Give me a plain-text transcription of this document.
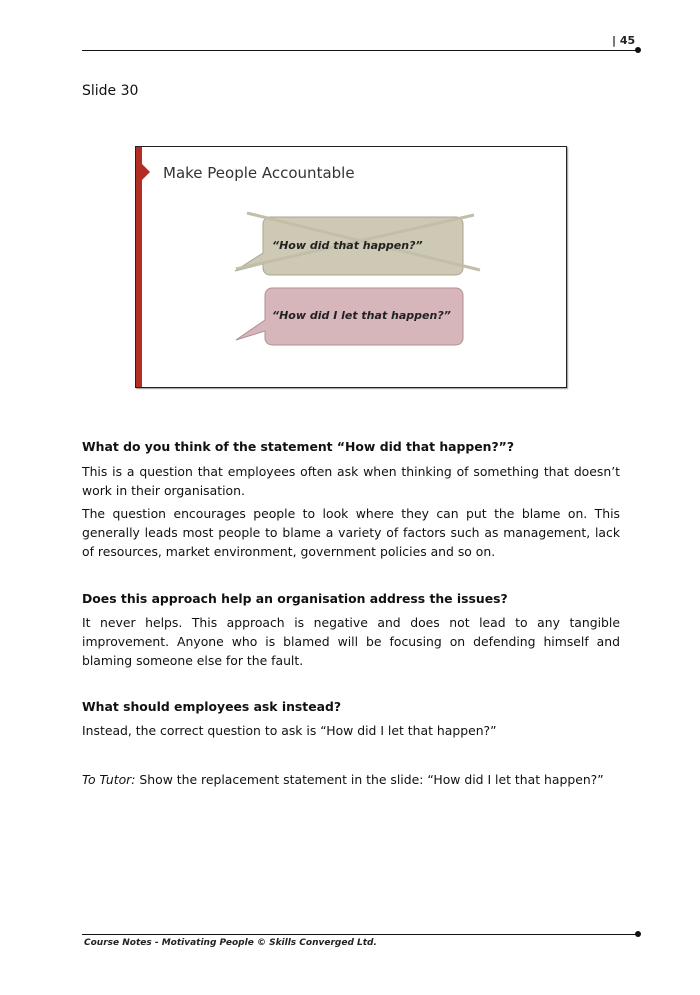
| 45
Slide 30
Make People Accountable
“How did that happen?”
“How did I let that happen?”
What do you think of the statement “How did that happen?”?
This is a question that employees often ask when thinking of something that doesn’t work in their organisation.
The question encourages people to look where they can put the blame on. This generally leads most people to blame a variety of factors such as management, lack of resources, market environment, government policies and so on.
Does this approach help an organisation address the issues?
It never helps. This approach is negative and does not lead to any tangible improvement. Anyone who is blamed will be focusing on defending himself and blaming someone else for the fault.
What should employees ask instead?
Instead, the correct question to ask is “How did I let that happen?”
To Tutor: Show the replacement statement in the slide: “How did I let that happen?”
Course Notes - Motivating People © Skills Converged Ltd.
